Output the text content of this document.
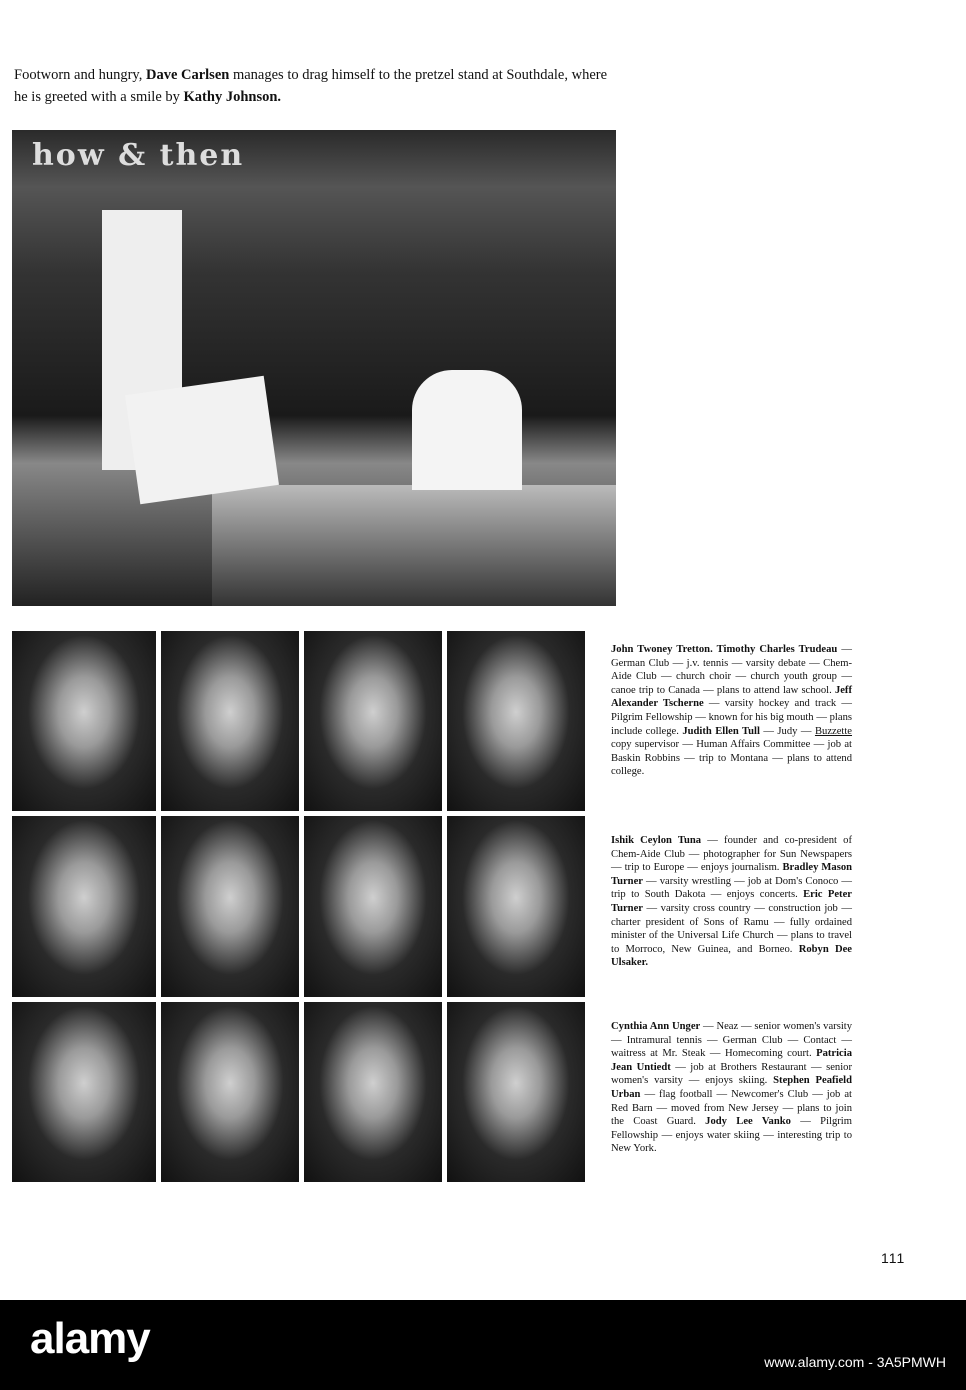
Footworn and hungry, Dave Carlsen manages to drag himself to the pretzel stand at Southdale, where he is greeted with a smile by Kathy Johnson.
how & then
John Twoney Tretton. Timothy Charles Trudeau — German Club — j.v. tennis — varsity debate — Chem-Aide Club — church choir — church youth group — canoe trip to Canada — plans to attend law school. Jeff Alexander Tscherne — varsity hockey and track — Pilgrim Fellowship — known for his big mouth — plans include college. Judith Ellen Tull — Judy — Buzzette copy supervisor — Human Affairs Committee — job at Baskin Robbins — trip to Montana — plans to attend college.
Ishik Ceylon Tuna — founder and co-president of Chem-Aide Club — photographer for Sun Newspapers — trip to Europe — enjoys journalism. Bradley Mason Turner — varsity wrestling — job at Dom's Conoco — trip to South Dakota — enjoys concerts. Eric Peter Turner — varsity cross country — construction job — charter president of Sons of Ramu — fully ordained minister of the Universal Life Church — plans to travel to Morroco, New Guinea, and Borneo. Robyn Dee Ulsaker.
Cynthia Ann Unger — Neaz — senior women's varsity — Intramural tennis — German Club — Contact — waitress at Mr. Steak — Homecoming court. Patricia Jean Untiedt — job at Brothers Restaurant — senior women's varsity — enjoys skiing. Stephen Peafield Urban — flag football — Newcomer's Club — job at Red Barn — moved from New Jersey — plans to join the Coast Guard. Jody Lee Vanko — Pilgrim Fellowship — enjoys water skiing — interesting trip to New York.
111
alamy	www.alamy.com - 3A5PMWH
